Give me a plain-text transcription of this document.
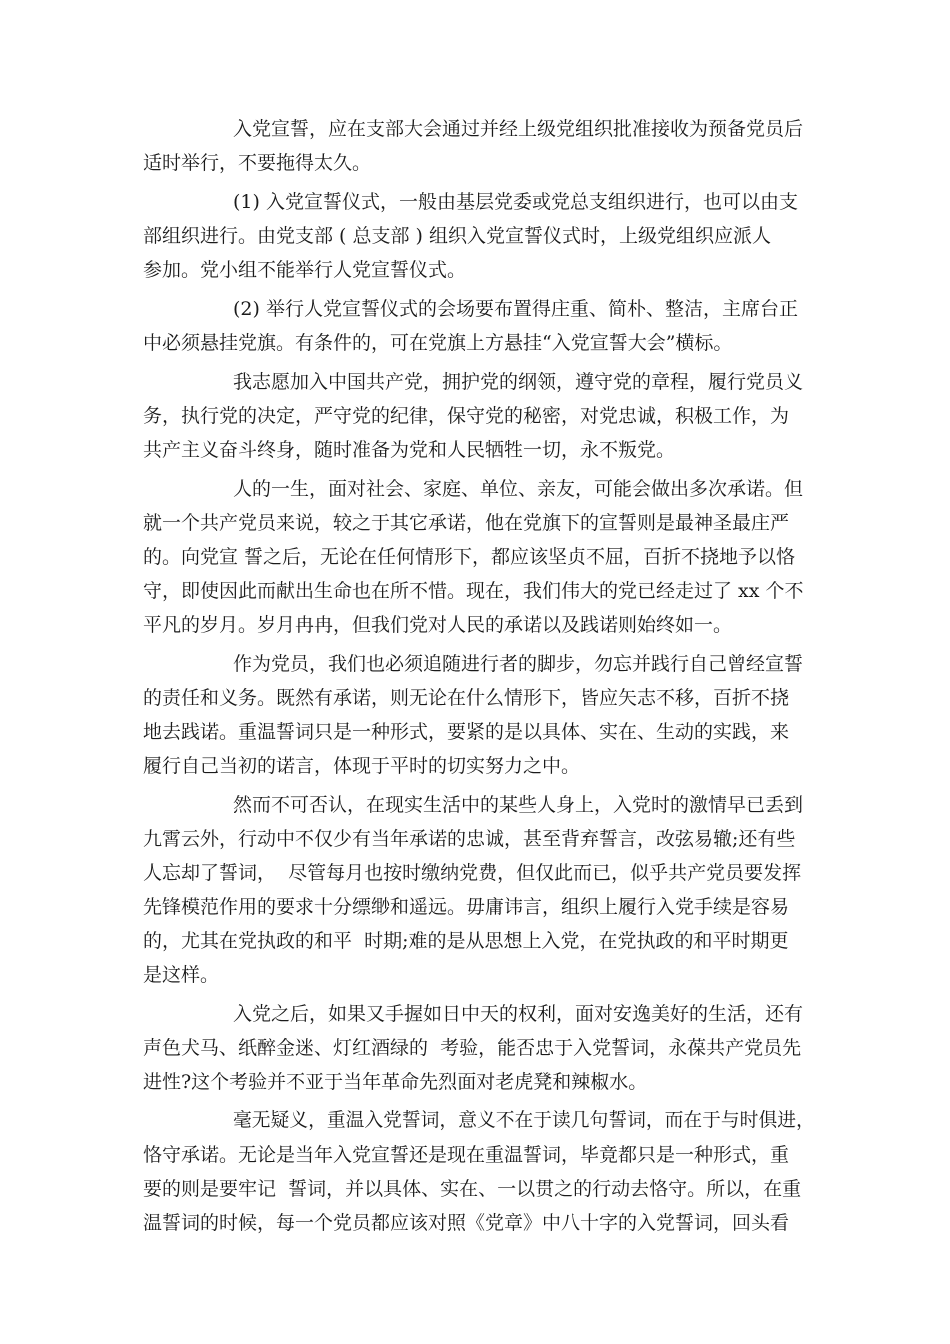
入党宣誓，应在支部大会通过并经上级党组织批准接收为预备党员后
适时举行，不要拖得太久。
(1) 入党宣誓仪式，一般由基层党委或党总支组织进行，也可以由支
部组织进行。由党支部 ( 总支部 ) 组织入党宣誓仪式时，上级党组织应派人
参加。党小组不能举行人党宣誓仪式。
(2) 举行人党宣誓仪式的会场要布置得庄重、简朴、整洁，主席台正
中必须悬挂党旗。有条件的，可在党旗上方悬挂“入党宣誓大会”横标。
我志愿加入中国共产党，拥护党的纲领，遵守党的章程，履行党员义
务，执行党的决定，严守党的纪律，保守党的秘密，对党忠诚，积极工作，为
共产主义奋斗终身，随时准备为党和人民牺牲一切，永不叛党。
人的一生，面对社会、家庭、单位、亲友，可能会做出多次承诺。但
就一个共产党员来说，较之于其它承诺，他在党旗下的宣誓则是最神圣最庄严
的。向党宣 誓之后，无论在任何情形下，都应该坚贞不屈，百折不挠地予以恪
守，即使因此而献出生命也在所不惜。现在，我们伟大的党已经走过了 xx 个不
平凡的岁月。岁月冉冉，但我们党对人民的承诺以及践诺则始终如一。
作为党员，我们也必须追随进行者的脚步，勿忘并践行自己曾经宣誓
的责任和义务。既然有承诺，则无论在什么情形下，皆应矢志不移，百折不挠
地去践诺。重温誓词只是一种形式，要紧的是以具体、实在、生动的实践，来
履行自己当初的诺言，体现于平时的切实努力之中。
然而不可否认，在现实生活中的某些人身上，入党时的激情早已丢到
九霄云外，行动中不仅少有当年承诺的忠诚，甚至背弃誓言，改弦易辙;还有些
人忘却了誓词，  尽管每月也按时缴纳党费，但仅此而已，似乎共产党员要发挥
先锋模范作用的要求十分缥缈和遥远。毋庸讳言，组织上履行入党手续是容易
的，尤其在党执政的和平  时期;难的是从思想上入党，在党执政的和平时期更
是这样。
入党之后，如果又手握如日中天的权利，面对安逸美好的生活，还有
声色犬马、纸醉金迷、灯红酒绿的  考验，能否忠于入党誓词，永葆共产党员先
进性?这个考验并不亚于当年革命先烈面对老虎凳和辣椒水。
毫无疑义，重温入党誓词，意义不在于读几句誓词，而在于与时俱进，
恪守承诺。无论是当年入党宣誓还是现在重温誓词，毕竟都只是一种形式，重
要的则是要牢记  誓词，并以具体、实在、一以贯之的行动去恪守。所以，在重
温誓词的时候，每一个党员都应该对照《党章》中八十字的入党誓词，回头看
